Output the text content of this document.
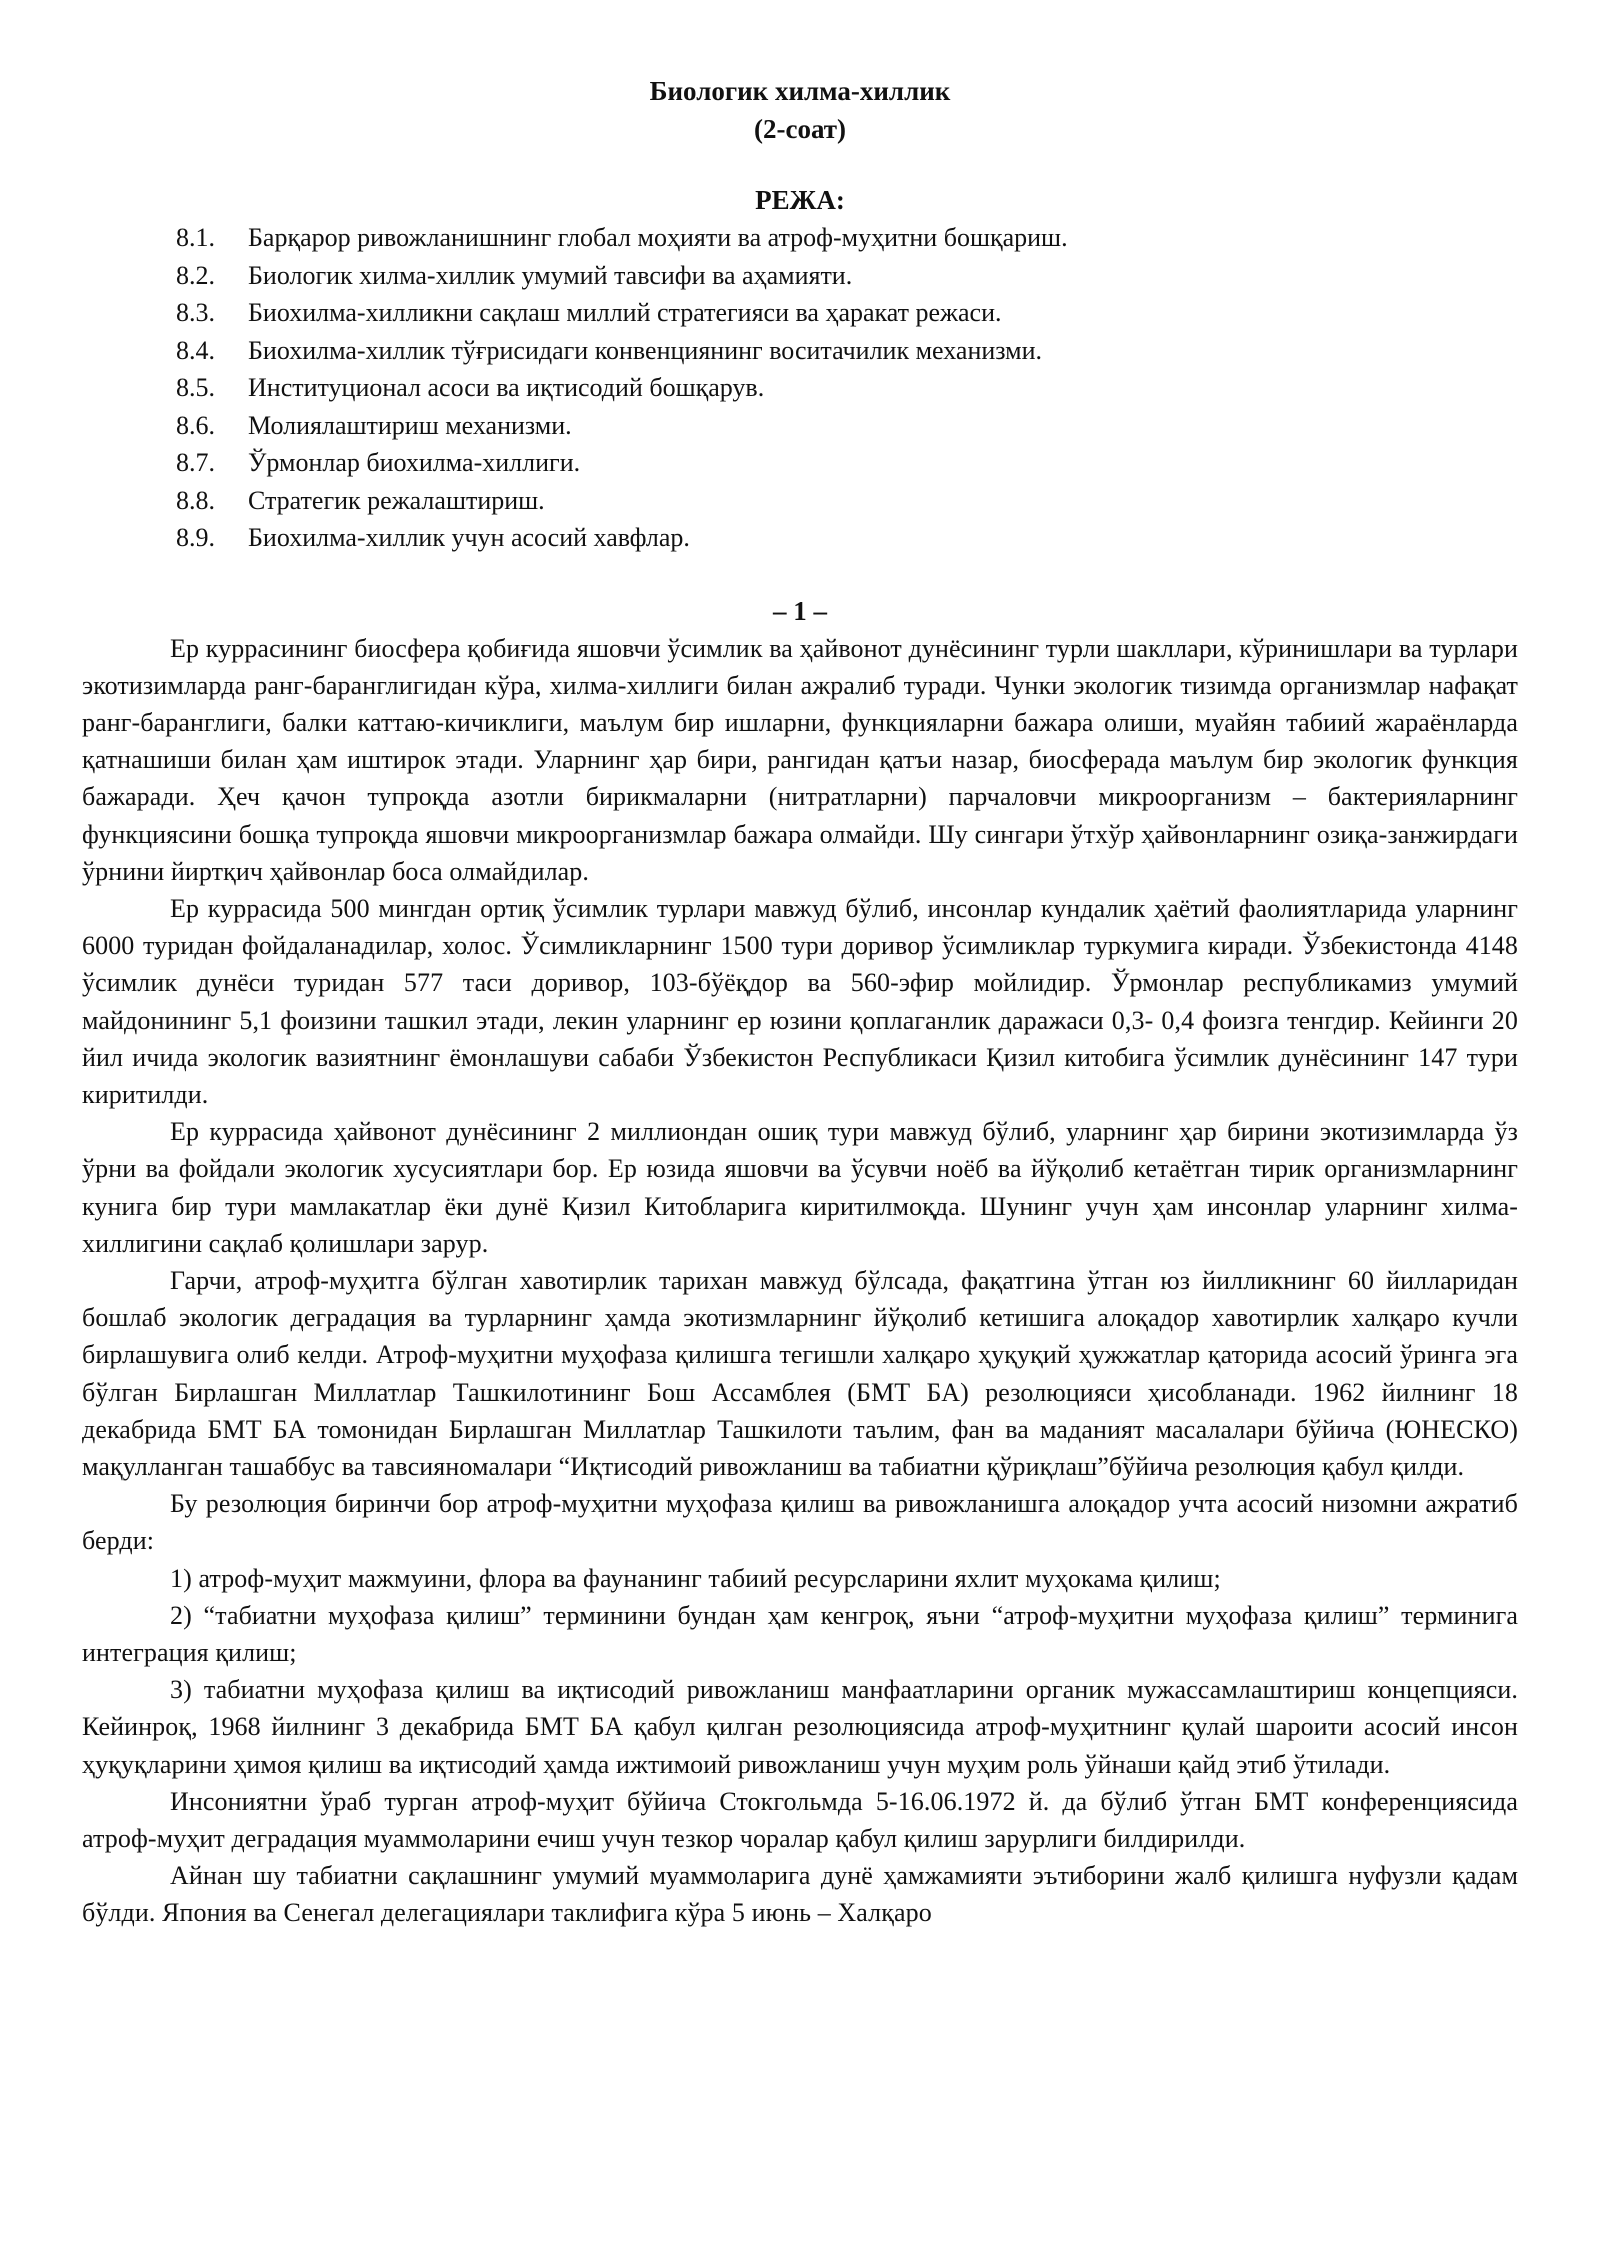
Биологик хилма-хиллик
(2-соат)
РЕЖА:
8.1.	Барқарор ривожланишнинг глобал моҳияти ва атроф-муҳитни бошқариш.
8.2.	Биологик хилма-хиллик умумий тавсифи ва аҳамияти.
8.3.	Биохилма-хилликни сақлаш миллий стратегияси ва ҳаракат режаси.
8.4.	Биохилма-хиллик тўғрисидаги конвенциянинг воситачилик механизми.
8.5.	Институционал асоси ва иқтисодий бошқарув.
8.6.	Молиялаштириш механизми.
8.7.	Ўрмонлар биохилма-хиллиги.
8.8.	Стратегик режалаштириш.
8.9.	Биохилма-хиллик учун асосий хавфлар.
– 1 –

Ер куррасининг биосфера қобиғида яшовчи ўсимлик ва ҳайвонот дунёсининг турли шакллари, кўринишлари ва турлари экотизимларда ранг-баранглигидан кўра, хилма-хиллиги билан ажралиб туради. Чунки экологик тизимда организмлар нафақат ранг-баранглиги, балки каттаю-кичиклиги, маълум бир ишларни, функцияларни бажара олиши, муайян табиий жараёнларда қатнашиши билан ҳам иштирок этади. Уларнинг ҳар бири, рангидан қатъи назар, биосферада маълум бир экологик функция бажаради. Ҳеч қачон тупроқда азотли бирикмаларни (нитратларни) парчаловчи микроорганизм – бактерияларнинг функциясини бошқа тупроқда яшовчи микроорганизмлар бажара олмайди. Шу сингари ўтхўр ҳайвонларнинг озиқа-занжирдаги ўрнини йиртқич ҳайвонлар боса олмайдилар.

Ер куррасида 500 мингдан ортиқ ўсимлик турлари мавжуд бўлиб, инсонлар кундалик ҳаётий фаолиятларида уларнинг 6000 туридан фойдаланадилар, холос. Ўсимликларнинг 1500 тури доривор ўсимликлар туркумига киради. Ўзбекистонда 4148 ўсимлик дунёси туридан 577 таси доривор, 103-бўёқдор ва 560-эфир мойлидир. Ўрмонлар республикамиз умумий майдонининг 5,1 фоизини ташкил этади, лекин уларнинг ер юзини қоплаганлик даражаси 0,3- 0,4 фоизга тенгдир. Кейинги 20 йил ичида экологик вазиятнинг ёмонлашуви сабаби Ўзбекистон Республикаси Қизил китобига ўсимлик дунёсининг 147 тури киритилди.

Ер куррасида ҳайвонот дунёсининг 2 миллиондан ошиқ тури мавжуд бўлиб, уларнинг ҳар бирини экотизимларда ўз ўрни ва фойдали экологик хусусиятлари бор. Ер юзида яшовчи ва ўсувчи ноёб ва йўқолиб кетаётган тирик организмларнинг кунига бир тури мамлакатлар ёки дунё Қизил Китобларига киритилмоқда. Шунинг учун ҳам инсонлар уларнинг хилма- хиллигини сақлаб қолишлари зарур.

Гарчи, атроф-муҳитга бўлган хавотирлик тарихан мавжуд бўлсада, фақатгина ўтган юз йилликнинг 60 йилларидан бошлаб экологик деградация ва турларнинг ҳамда экотизмларнинг йўқолиб кетишига алоқадор хавотирлик халқаро кучли бирлашувига олиб келди. Атроф-муҳитни муҳофаза қилишга тегишли халқаро ҳуқуқий ҳужжатлар қаторида асосий ўринга эга бўлган Бирлашган Миллатлар Ташкилотининг Бош Ассамблея (БМТ БА) резолюцияси ҳисобланади. 1962 йилнинг 18 декабрида БМТ БА томонидан Бирлашган Миллатлар Ташкилоти таълим, фан ва маданият масалалари бўйича (ЮНЕСКО) мақулланган ташаббус ва тавсияномалари “Иқтисодий ривожланиш ва табиатни қўриқлаш”бўйича резолюция қабул қилди.

Бу резолюция биринчи бор атроф-муҳитни муҳофаза қилиш ва ривожланишга алоқадор учта асосий низомни ажратиб берди:

1) атроф-муҳит мажмуини, флора ва фаунанинг табиий ресурсларини яхлит муҳокама қилиш;

2) “табиатни муҳофаза қилиш” терминини бундан ҳам кенгроқ, яъни “атроф-муҳитни муҳофаза қилиш” терминига интеграция қилиш;

3) табиатни муҳофаза қилиш ва иқтисодий ривожланиш манфаатларини органик мужассамлаштириш концепцияси. Кейинроқ, 1968 йилнинг 3 декабрида БМТ БА қабул қилган резолюциясида атроф-муҳитнинг қулай шароити асосий инсон ҳуқуқларини ҳимоя қилиш ва иқтисодий ҳамда ижтимоий ривожланиш учун муҳим роль ўйнаши қайд этиб ўтилади.

Инсониятни ўраб турган атроф-муҳит бўйича Стокгольмда 5-16.06.1972 й. да бўлиб ўтган БМТ конференциясида атроф-муҳит деградация муаммоларини ечиш учун тезкор чоралар қабул қилиш зарурлиги билдирилди.

Айнан шу табиатни сақлашнинг умумий муаммоларига дунё ҳамжамияти эътиборини жалб қилишга нуфузли қадам бўлди. Япония ва Сенегал делегациялари таклифига кўра 5 июнь – Халқаро
